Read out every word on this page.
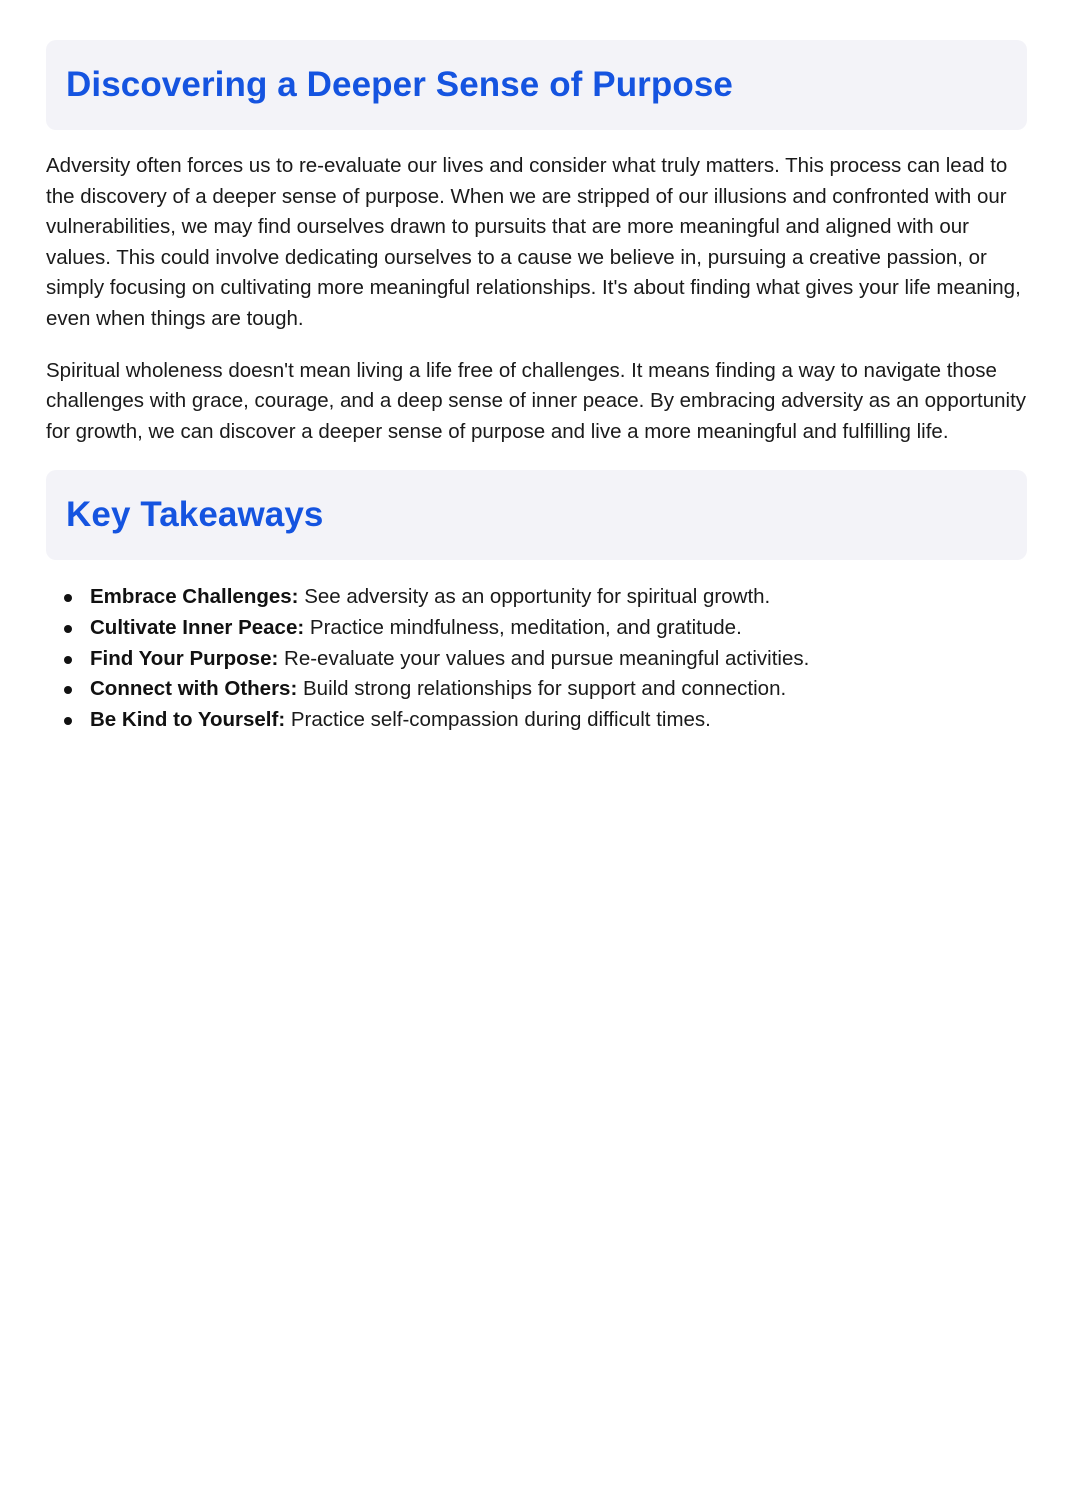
Discovering a Deeper Sense of Purpose

Adversity often forces us to re-evaluate our lives and consider what truly matters. This process can lead to the discovery of a deeper sense of purpose. When we are stripped of our illusions and confronted with our vulnerabilities, we may find ourselves drawn to pursuits that are more meaningful and aligned with our values. This could involve dedicating ourselves to a cause we believe in, pursuing a creative passion, or simply focusing on cultivating more meaningful relationships. It's about finding what gives your life meaning, even when things are tough.

Spiritual wholeness doesn't mean living a life free of challenges. It means finding a way to navigate those challenges with grace, courage, and a deep sense of inner peace. By embracing adversity as an opportunity for growth, we can discover a deeper sense of purpose and live a more meaningful and fulfilling life.

Key Takeaways
Embrace Challenges: See adversity as an opportunity for spiritual growth.
Cultivate Inner Peace: Practice mindfulness, meditation, and gratitude.
Find Your Purpose: Re-evaluate your values and pursue meaningful activities.
Connect with Others: Build strong relationships for support and connection.
Be Kind to Yourself: Practice self-compassion during difficult times.
